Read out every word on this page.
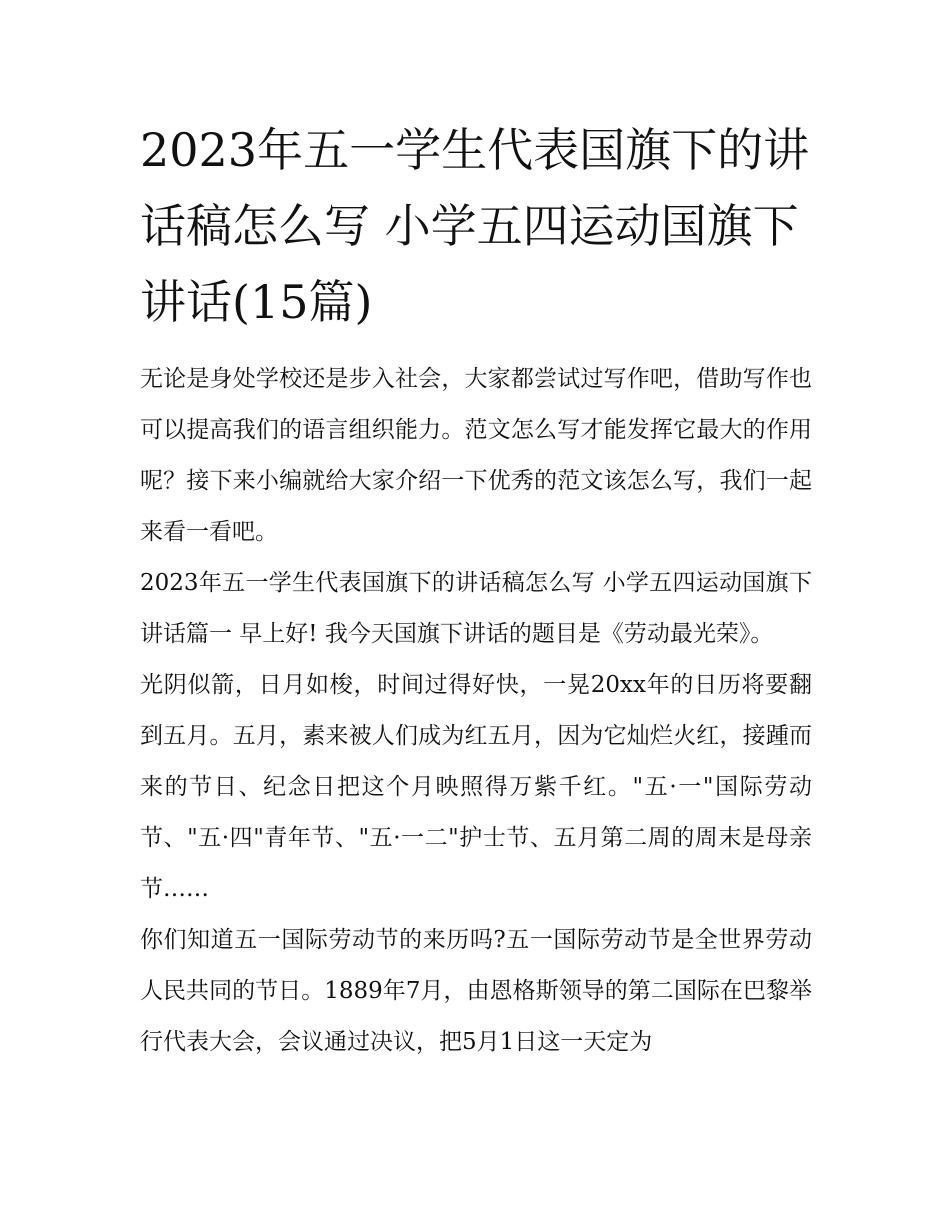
2023年五一学生代表国旗下的讲话稿怎么写 小学五四运动国旗下讲话(15篇)

无论是身处学校还是步入社会，大家都尝试过写作吧，借助写作也可以提高我们的语言组织能力。范文怎么写才能发挥它最大的作用呢？接下来小编就给大家介绍一下优秀的范文该怎么写，我们一起来看一看吧。

2023年五一学生代表国旗下的讲话稿怎么写 小学五四运动国旗下讲话篇一 早上好! 我今天国旗下讲话的题目是《劳动最光荣》。

光阴似箭，日月如梭，时间过得好快，一晃20xx年的日历将要翻到五月。五月，素来被人们成为红五月，因为它灿烂火红，接踵而来的节日、纪念日把这个月映照得万紫千红。"五·一"国际劳动节、"五·四"青年节、"五·一二"护士节、五月第二周的周末是母亲节……

你们知道五一国际劳动节的来历吗?五一国际劳动节是全世界劳动人民共同的节日。1889年7月，由恩格斯领导的第二国际在巴黎举行代表大会，会议通过决议，把5月1日这一天定为
